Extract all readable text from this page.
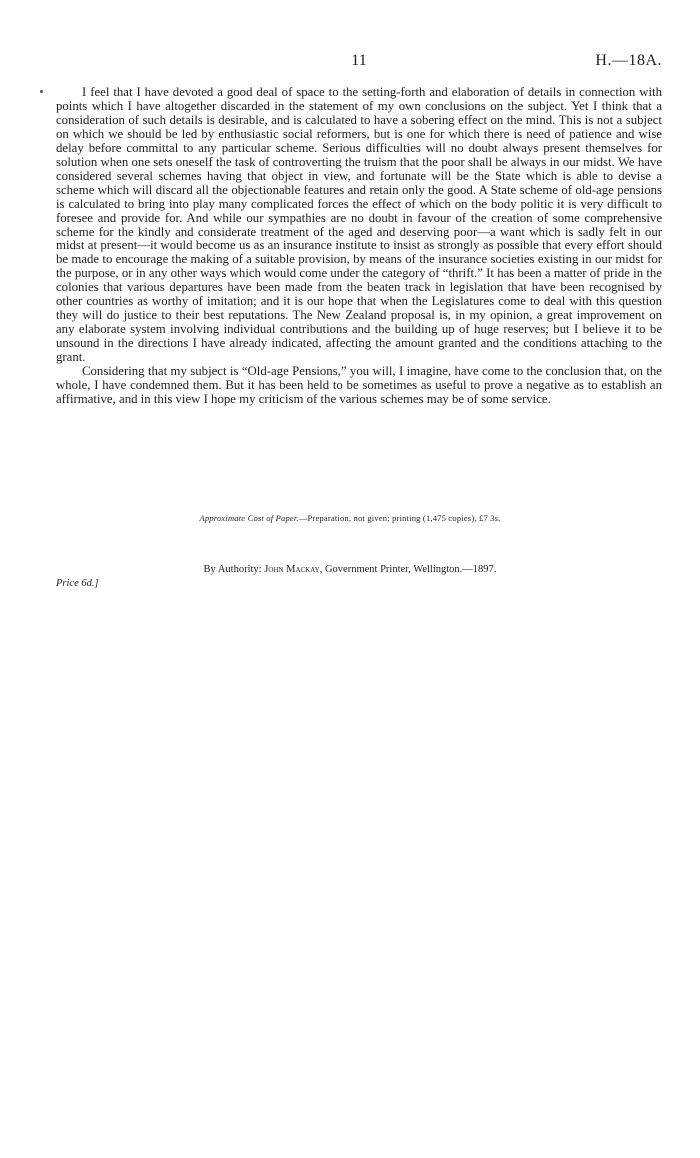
11	H.—18A.

I feel that I have devoted a good deal of space to the setting-forth and elaboration of details in connection with points which I have altogether discarded in the statement of my own conclusions on the subject. Yet I think that a consideration of such details is desirable, and is calculated to have a sobering effect on the mind. This is not a subject on which we should be led by enthusiastic social reformers, but is one for which there is need of patience and wise delay before committal to any particular scheme. Serious difficulties will no doubt always present themselves for solution when one sets oneself the task of controverting the truism that the poor shall be always in our midst. We have considered several schemes having that object in view, and fortunate will be the State which is able to devise a scheme which will discard all the objectionable features and retain only the good. A State scheme of old-age pensions is calculated to bring into play many complicated forces the effect of which on the body politic it is very difficult to foresee and provide for. And while our sympathies are no doubt in favour of the creation of some comprehensive scheme for the kindly and considerate treatment of the aged and deserving poor—a want which is sadly felt in our midst at present—it would become us as an insurance institute to insist as strongly as possible that every effort should be made to encourage the making of a suitable provision, by means of the insurance societies existing in our midst for the purpose, or in any other ways which would come under the category of “thrift.” It has been a matter of pride in the colonies that various departures have been made from the beaten track in legislation that have been recognised by other countries as worthy of imitation; and it is our hope that when the Legislatures come to deal with this question they will do justice to their best reputations. The New Zealand proposal is, in my opinion, a great improvement on any elaborate system involving individual contributions and the building up of huge reserves; but I believe it to be unsound in the directions I have already indicated, affecting the amount granted and the conditions attaching to the grant.

Considering that my subject is “Old-age Pensions,” you will, I imagine, have come to the conclusion that, on the whole, I have condemned them. But it has been held to be sometimes as useful to prove a negative as to establish an affirmative, and in this view I hope my criticism of the various schemes may be of some service.

Approximate Cost of Paper.—Preparation, not given; printing (1,475 copies), £7 3s.
By Authority: John Mackay, Government Printer, Wellington.—1897.
Price 6d.]
